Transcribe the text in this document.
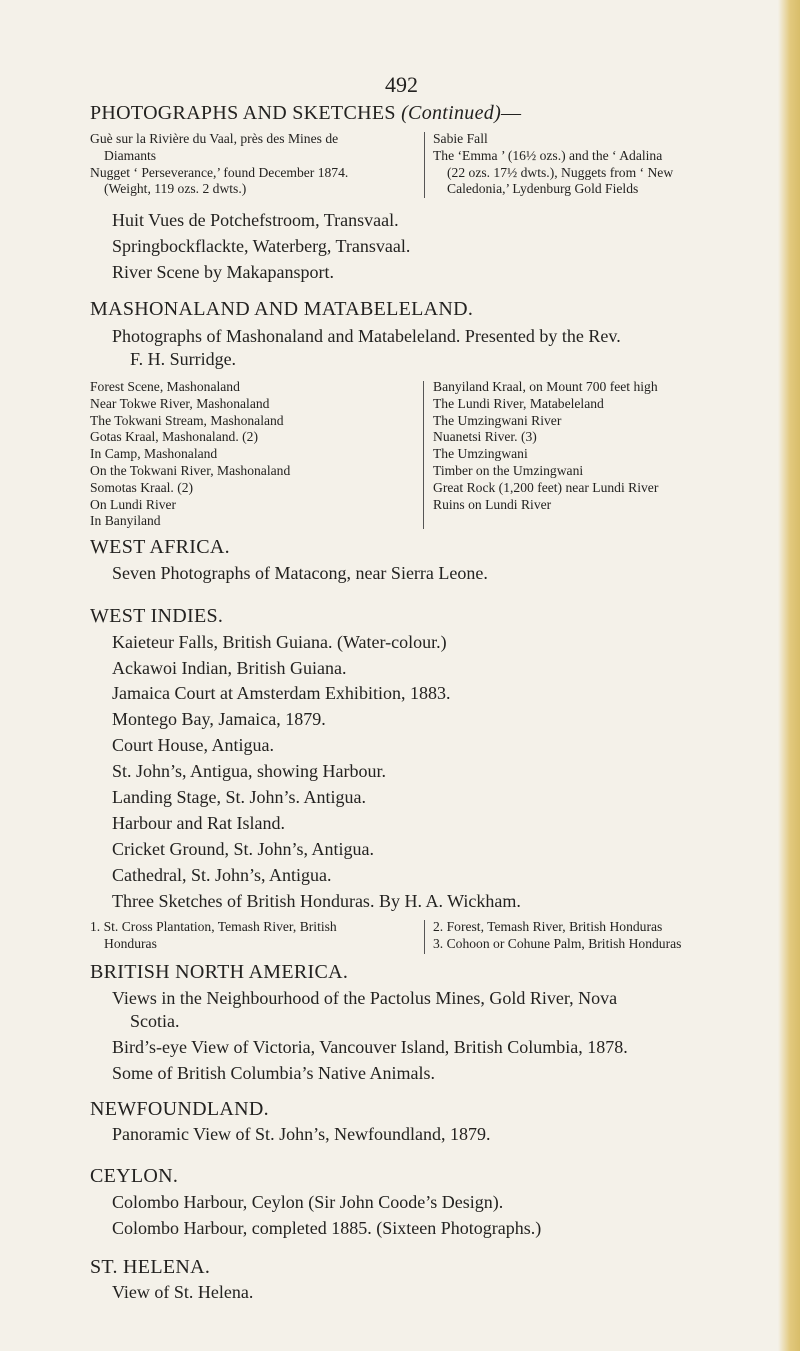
492
PHOTOGRAPHS AND SKETCHES (Continued)—
Guè sur la Rivière du Vaal, près des Mines de
Diamants
Nugget ‘ Perseverance,’ found December 1874.
(Weight, 119 ozs. 2 dwts.)
Sabie Fall
The ‘Emma ’ (16½ ozs.) and the ‘ Adalina
(22 ozs. 17½ dwts.), Nuggets from ‘ New
Caledonia,’ Lydenburg Gold Fields
Huit Vues de Potchefstroom, Transvaal.
Springbockflackte, Waterberg, Transvaal.
River Scene by Makapansport.
MASHONALAND AND MATABELELAND.
Photographs of Mashonaland and Matabeleland. Presented by the Rev.
F. H. Surridge.
Forest Scene, Mashonaland
Near Tokwe River, Mashonaland
The Tokwani Stream, Mashonaland
Gotas Kraal, Mashonaland. (2)
In Camp, Mashonaland
On the Tokwani River, Mashonaland
Somotas Kraal. (2)
On Lundi River
In Banyiland
Banyiland Kraal, on Mount 700 feet high
The Lundi River, Matabeleland
The Umzingwani River
Nuanetsi River. (3)
The Umzingwani
Timber on the Umzingwani
Great Rock (1,200 feet) near Lundi River
Ruins on Lundi River
WEST AFRICA.
Seven Photographs of Matacong, near Sierra Leone.
WEST INDIES.
Kaieteur Falls, British Guiana. (Water-colour.)
Ackawoi Indian, British Guiana.
Jamaica Court at Amsterdam Exhibition, 1883.
Montego Bay, Jamaica, 1879.
Court House, Antigua.
St. John’s, Antigua, showing Harbour.
Landing Stage, St. John’s. Antigua.
Harbour and Rat Island.
Cricket Ground, St. John’s, Antigua.
Cathedral, St. John’s, Antigua.
Three Sketches of British Honduras. By H. A. Wickham.
1. St. Cross Plantation, Temash River, British
Honduras
2. Forest, Temash River, British Honduras
3. Cohoon or Cohune Palm, British Honduras
BRITISH NORTH AMERICA.
Views in the Neighbourhood of the Pactolus Mines, Gold River, Nova
Scotia.
Bird’s-eye View of Victoria, Vancouver Island, British Columbia, 1878.
Some of British Columbia’s Native Animals.
NEWFOUNDLAND.
Panoramic View of St. John’s, Newfoundland, 1879.
CEYLON.
Colombo Harbour, Ceylon (Sir John Coode’s Design).
Colombo Harbour, completed 1885. (Sixteen Photographs.)
ST. HELENA.
View of St. Helena.
